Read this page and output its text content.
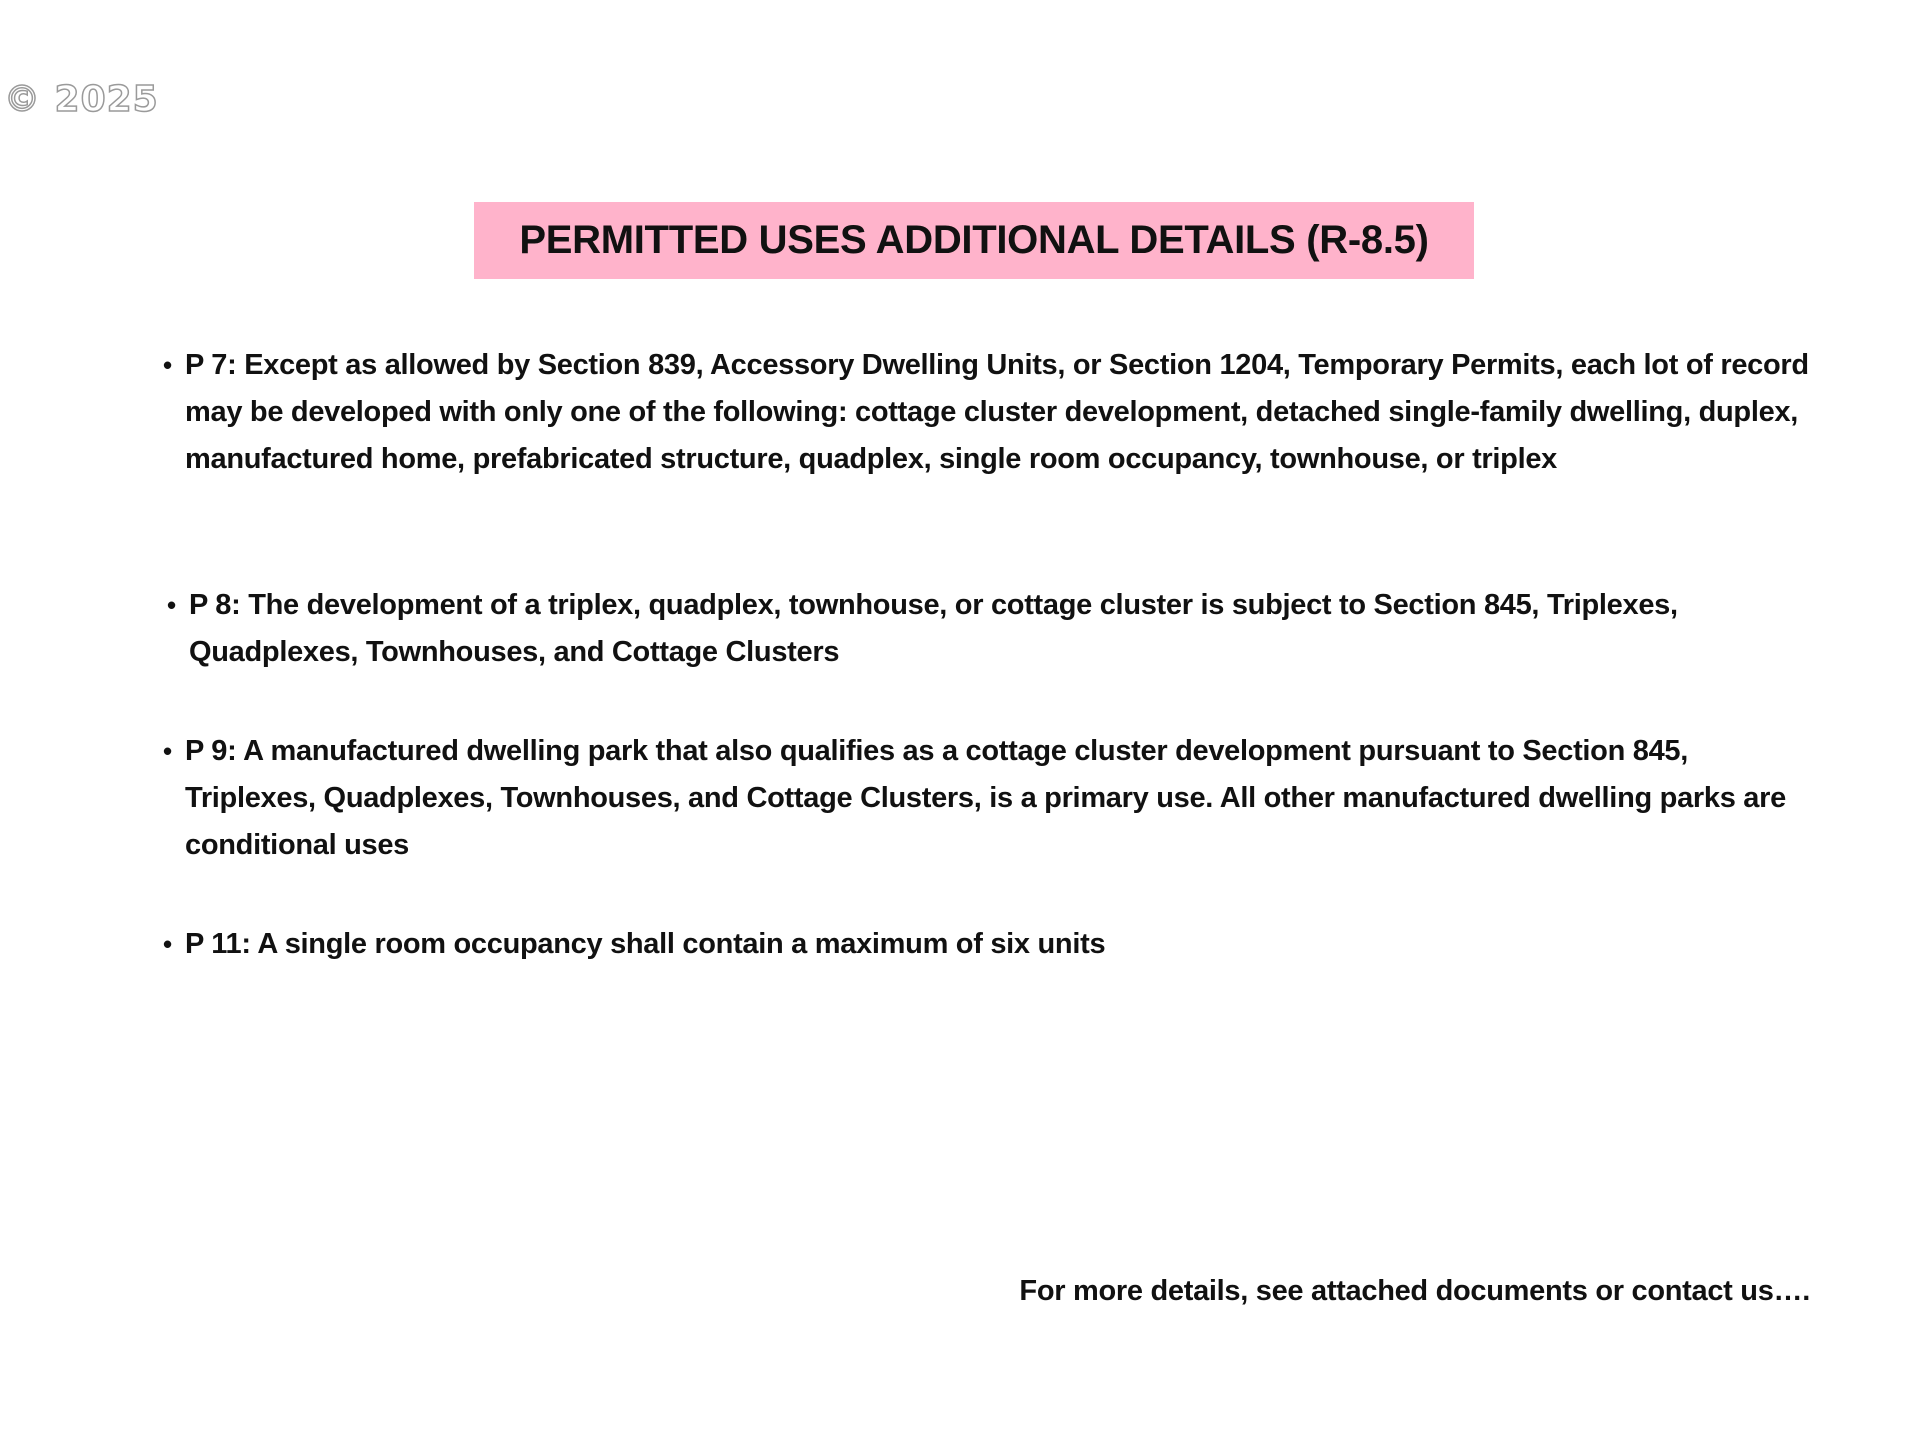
© 2025
PERMITTED USES ADDITIONAL DETAILS (R-8.5)
• P 7: Except as allowed by Section 839, Accessory Dwelling Units, or Section 1204, Temporary Permits, each lot of record may be developed with only one of the following: cottage cluster development, detached single-family dwelling, duplex, manufactured home, prefabricated structure, quadplex, single room occupancy, townhouse, or triplex
• P 8: The development of a triplex, quadplex, townhouse, or cottage cluster is subject to Section 845, Triplexes, Quadplexes, Townhouses, and Cottage Clusters
• P 9: A manufactured dwelling park that also qualifies as a cottage cluster development pursuant to Section 845, Triplexes, Quadplexes, Townhouses, and Cottage Clusters, is a primary use. All other manufactured dwelling parks are conditional uses
• P 11: A single room occupancy shall contain a maximum of six units
For more details, see attached documents or contact us….
